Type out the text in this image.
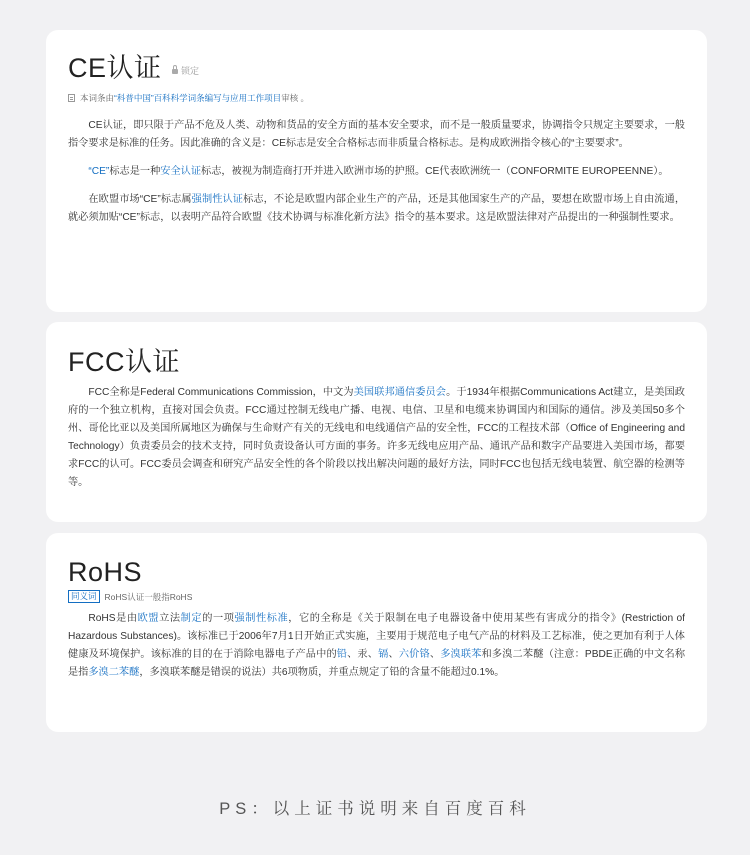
CE认证 锁定
本词条由 “科普中国”百科科学词条编写与应用工作项目 审核 。

CE认证，即只限于产品不危及人类、动物和货品的安全方面的基本安全要求，而不是一般质量要求，协调指令只规定主要要求，一般指令要求是标准的任务。因此准确的含义是：CE标志是安全合格标志而非质量合格标志。是构成欧洲指令核心的“主要要求”。

“CE”标志是一种安全认证标志，被视为制造商打开并进入欧洲市场的护照。CE代表欧洲统一（CONFORMITE EUROPEENNE）。

在欧盟市场“CE”标志属强制性认证标志，不论是欧盟内部企业生产的产品，还是其他国家生产的产品，要想在欧盟市场上自由流通，就必须加贴“CE”标志，以表明产品符合欧盟《技术协调与标准化新方法》指令的基本要求。这是欧盟法律对产品提出的一种强制性要求。

FCC认证

FCC全称是Federal Communications Commission，中文为美国联邦通信委员会。于1934年根据Communications Act建立，是美国政府的一个独立机构，直接对国会负责。FCC通过控制无线电广播、电视、电信、卫星和电缆来协调国内和国际的通信。涉及美国50多个州、哥伦比亚以及美国所属地区为确保与生命财产有关的无线电和电线通信产品的安全性，FCC的工程技术部（Office of Engineering and Technology）负责委员会的技术支持，同时负责设备认可方面的事务。许多无线电应用产品、通讯产品和数字产品要进入美国市场，都要求FCC的认可。FCC委员会调查和研究产品安全性的各个阶段以找出解决问题的最好方法，同时FCC也包括无线电装置、航空器的检测等等。

RoHS
同义词 RoHS认证一般指RoHS

RoHS是由欧盟立法制定的一项强制性标准，它的全称是《关于限制在电子电器设备中使用某些有害成分的指令》(Restriction of Hazardous Substances)。该标准已于2006年7月1日开始正式实施，主要用于规范电子电气产品的材料及工艺标准，使之更加有利于人体健康及环境保护。该标准的目的在于消除电器电子产品中的铅、汞、镉、六价铬、多溴联苯和多溴二苯醚（注意：PBDE正确的中文名称是指多溴二苯醚，多溴联苯醚是错误的说法）共6项物质，并重点规定了铅的含量不能超过0.1%。

PS：以上证书说明来自百度百科
